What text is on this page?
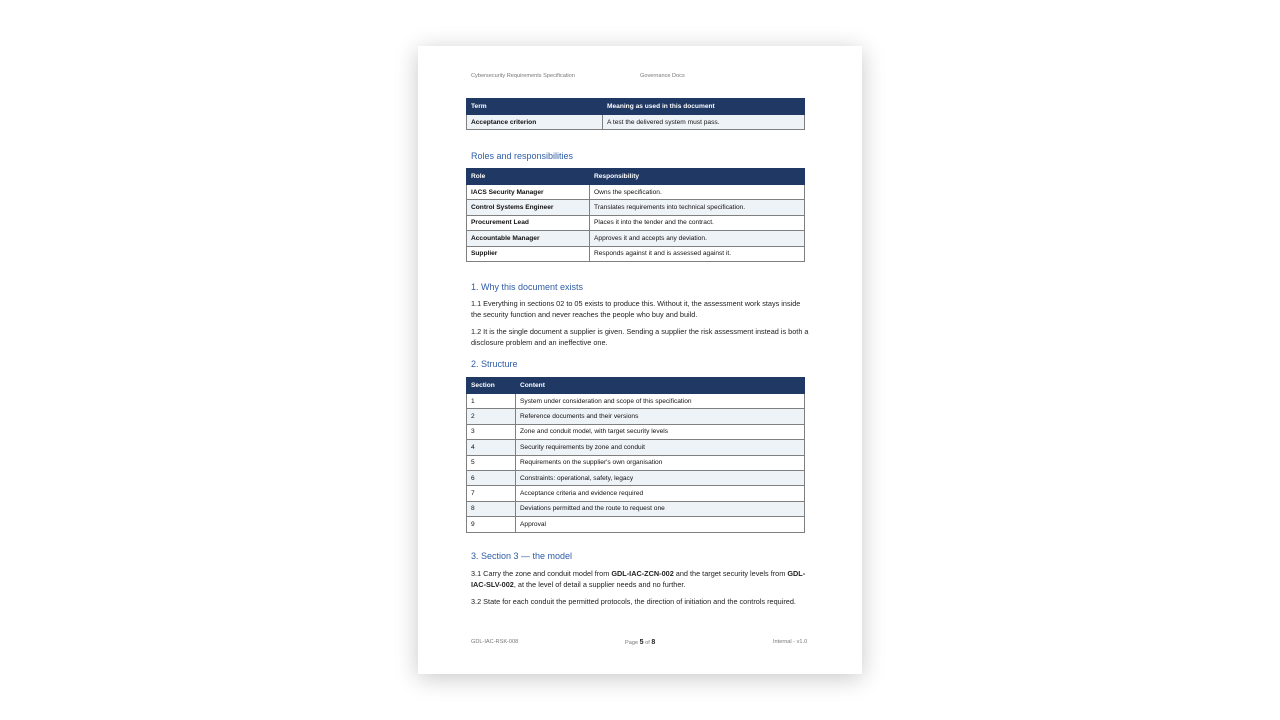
Cybersecurity Requirements Specification	Governance Docs
Term	Meaning as used in this document
Acceptance criterion	A test the delivered system must pass.
Roles and responsibilities
Role	Responsibility
IACS Security Manager	Owns the specification.
Control Systems Engineer	Translates requirements into technical specification.
Procurement Lead	Places it into the tender and the contract.
Accountable Manager	Approves it and accepts any deviation.
Supplier	Responds against it and is assessed against it.
1. Why this document exists
1.1 Everything in sections 02 to 05 exists to produce this. Without it, the assessment work stays inside the security function and never reaches the people who buy and build.
1.2 It is the single document a supplier is given. Sending a supplier the risk assessment instead is both a disclosure problem and an ineffective one.
2. Structure
Section	Content
1	System under consideration and scope of this specification
2	Reference documents and their versions
3	Zone and conduit model, with target security levels
4	Security requirements by zone and conduit
5	Requirements on the supplier's own organisation
6	Constraints: operational, safety, legacy
7	Acceptance criteria and evidence required
8	Deviations permitted and the route to request one
9	Approval
3. Section 3 — the model
3.1 Carry the zone and conduit model from GDL-IAC-ZCN-002 and the target security levels from GDL-IAC-SLV-002, at the level of detail a supplier needs and no further.
3.2 State for each conduit the permitted protocols, the direction of initiation and the controls required.
GDL-IAC-RSK-008	Page 5 of 8	Internal - v1.0
